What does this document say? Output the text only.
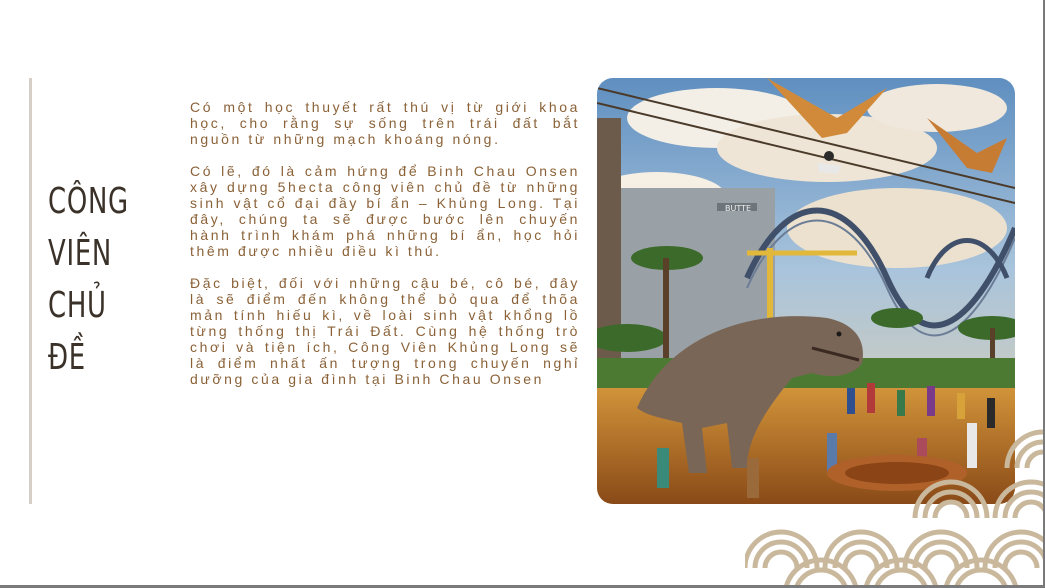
CÔNG
VIÊN
CHỦ
ĐỀ

Có một học thuyết rất thú vị từ giới khoa học, cho rằng sự sống trên trái đất bắt nguồn từ những mạch khoáng nóng.

Có lẽ, đó là cảm hứng để Binh Chau Onsen xây dựng 5hecta công viên chủ đề từ những sinh vật cổ đại đầy bí ẩn – Khủng Long. Tại đây, chúng ta sẽ được bước lên chuyến hành trình khám phá những bí ẩn, học hỏi thêm được nhiều điều kì thú.

Đặc biệt, đối với những cậu bé, cô bé, đây là sẽ điểm đến không thể bỏ qua để thõa mản tính hiếu kì, về loài sinh vật khổng lồ từng thống thị Trái Đất. Cùng hệ thống trò chơi và tiện ích, Công Viên Khủng Long sẽ là điểm nhất ấn tượng trong chuyến nghỉ dưỡng của gia đình tại Binh Chau Onsen

BUTTE
